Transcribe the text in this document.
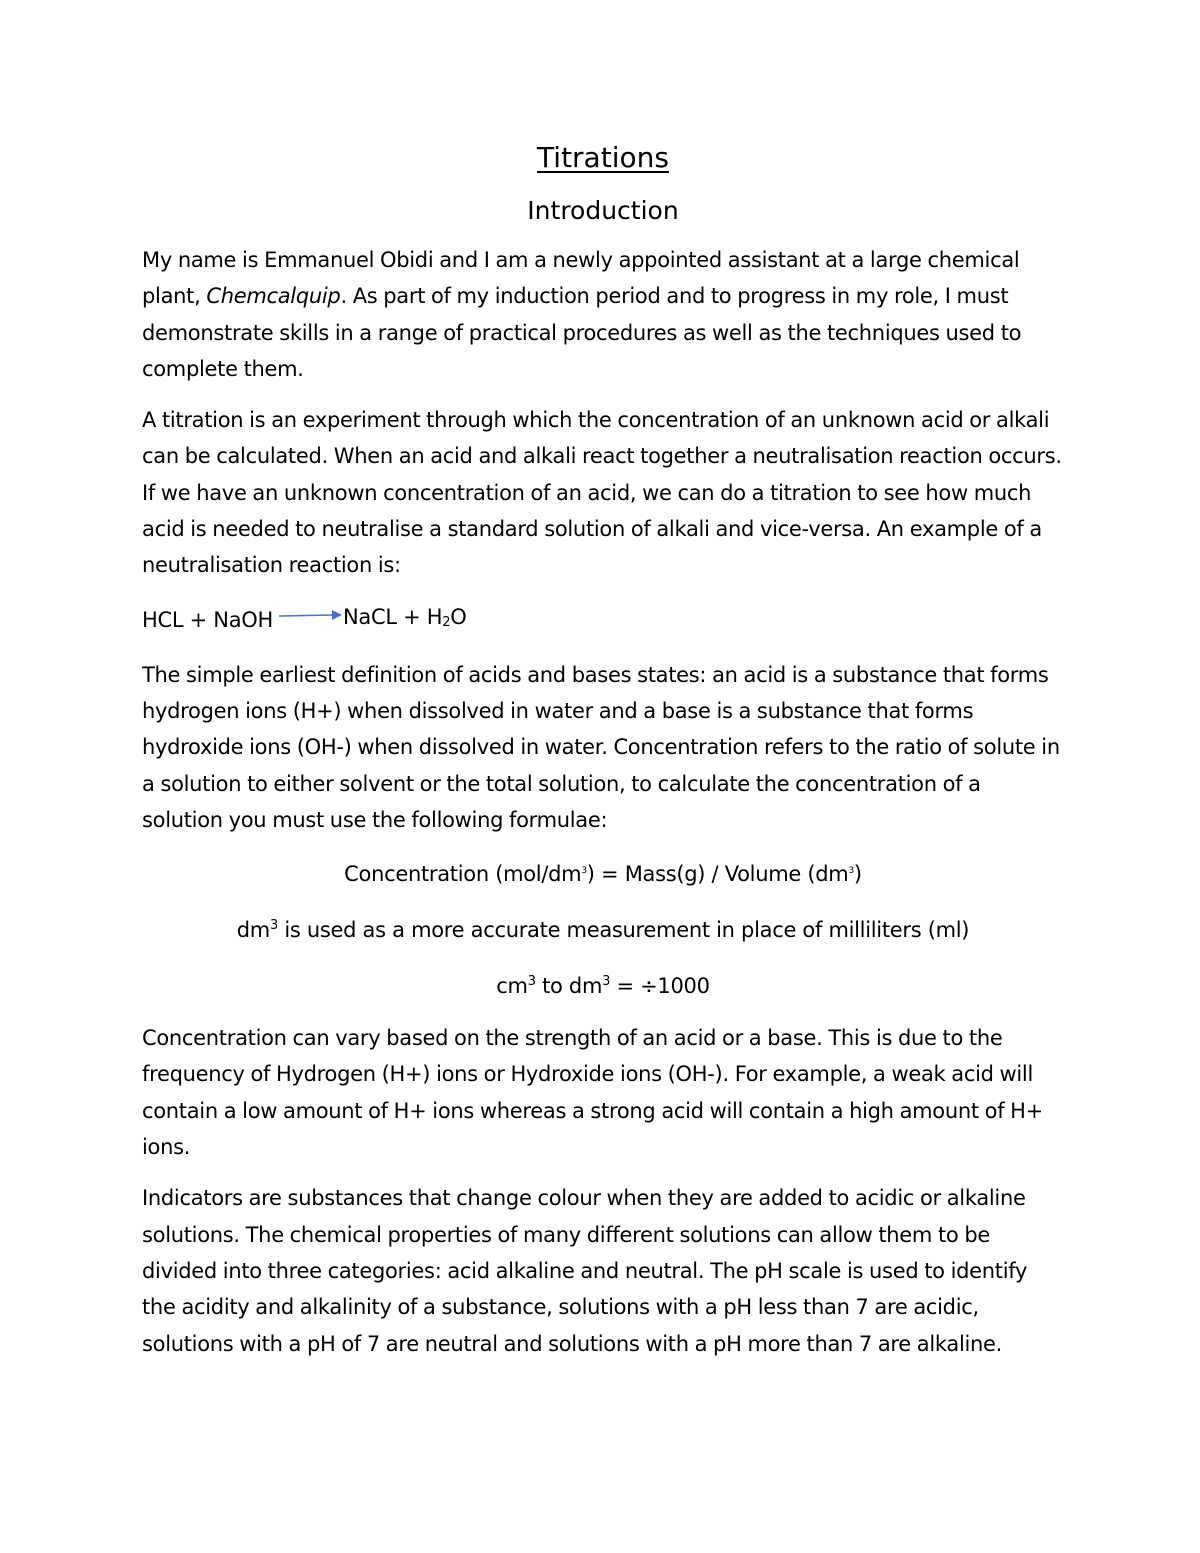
Titrations
Introduction

My name is Emmanuel Obidi and I am a newly appointed assistant at a large chemical plant, Chemcalquip. As part of my induction period and to progress in my role, I must demonstrate skills in a range of practical procedures as well as the techniques used to complete them.

A titration is an experiment through which the concentration of an unknown acid or alkali can be calculated. When an acid and alkali react together a neutralisation reaction occurs. If we have an unknown concentration of an acid, we can do a titration to see how much acid is needed to neutralise a standard solution of alkali and vice-versa. An example of a neutralisation reaction is:

HCL + NaOH	NaCL + H2O

The simple earliest definition of acids and bases states: an acid is a substance that forms hydrogen ions (H+) when dissolved in water and a base is a substance that forms hydroxide ions (OH-) when dissolved in water. Concentration refers to the ratio of solute in a solution to either solvent or the total solution, to calculate the concentration of a solution you must use the following formulae:

Concentration $(mol/dm^3)$ = Mass(g) / Volume $(dm^3)$
$dm^3$ is used as a more accurate measurement in place of milliliters (ml)
$cm^3$ to $dm^3 = \div 1000$

Concentration can vary based on the strength of an acid or a base. This is due to the frequency of Hydrogen (H+) ions or Hydroxide ions (OH-). For example, a weak acid will contain a low amount of H+ ions whereas a strong acid will contain a high amount of H+ ions.

Indicators are substances that change colour when they are added to acidic or alkaline solutions. The chemical properties of many different solutions can allow them to be divided into three categories: acid alkaline and neutral. The pH scale is used to identify the acidity and alkalinity of a substance, solutions with a pH less than 7 are acidic, solutions with a pH of 7 are neutral and solutions with a pH more than 7 are alkaline.
